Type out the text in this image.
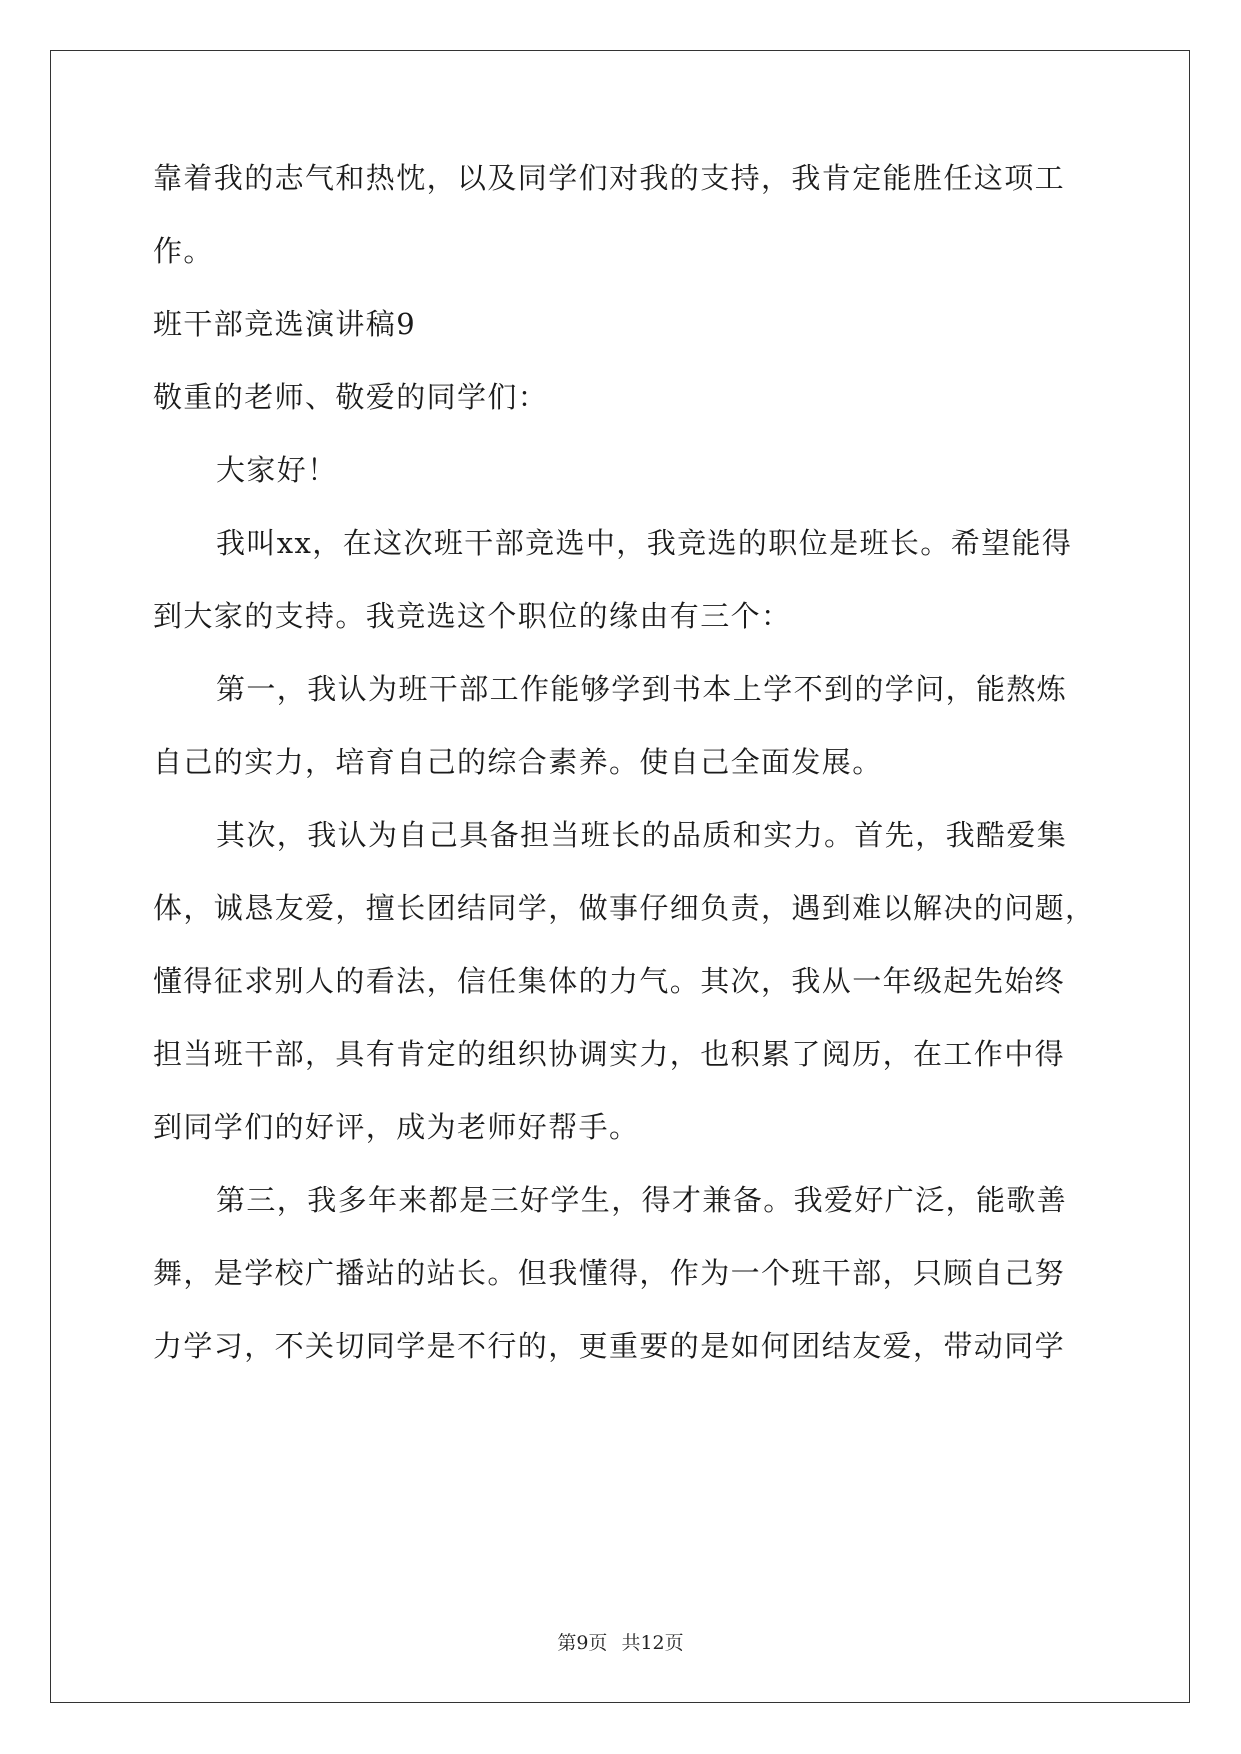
靠着我的志气和热忱，以及同学们对我的支持，我肯定能胜任这项工
作。
班干部竞选演讲稿9
敬重的老师、敬爱的同学们：
大家好！
我叫xx，在这次班干部竞选中，我竞选的职位是班长。希望能得
到大家的支持。我竞选这个职位的缘由有三个：
第一，我认为班干部工作能够学到书本上学不到的学问，能熬炼
自己的实力，培育自己的综合素养。使自己全面发展。
其次，我认为自己具备担当班长的品质和实力。首先，我酷爱集
体，诚恳友爱，擅长团结同学，做事仔细负责，遇到难以解决的问题，
懂得征求别人的看法，信任集体的力气。其次，我从一年级起先始终
担当班干部，具有肯定的组织协调实力，也积累了阅历，在工作中得
到同学们的好评，成为老师好帮手。
第三，我多年来都是三好学生，得才兼备。我爱好广泛，能歌善
舞，是学校广播站的站长。但我懂得，作为一个班干部，只顾自己努
力学习，不关切同学是不行的，更重要的是如何团结友爱，带动同学
第9页 共12页
